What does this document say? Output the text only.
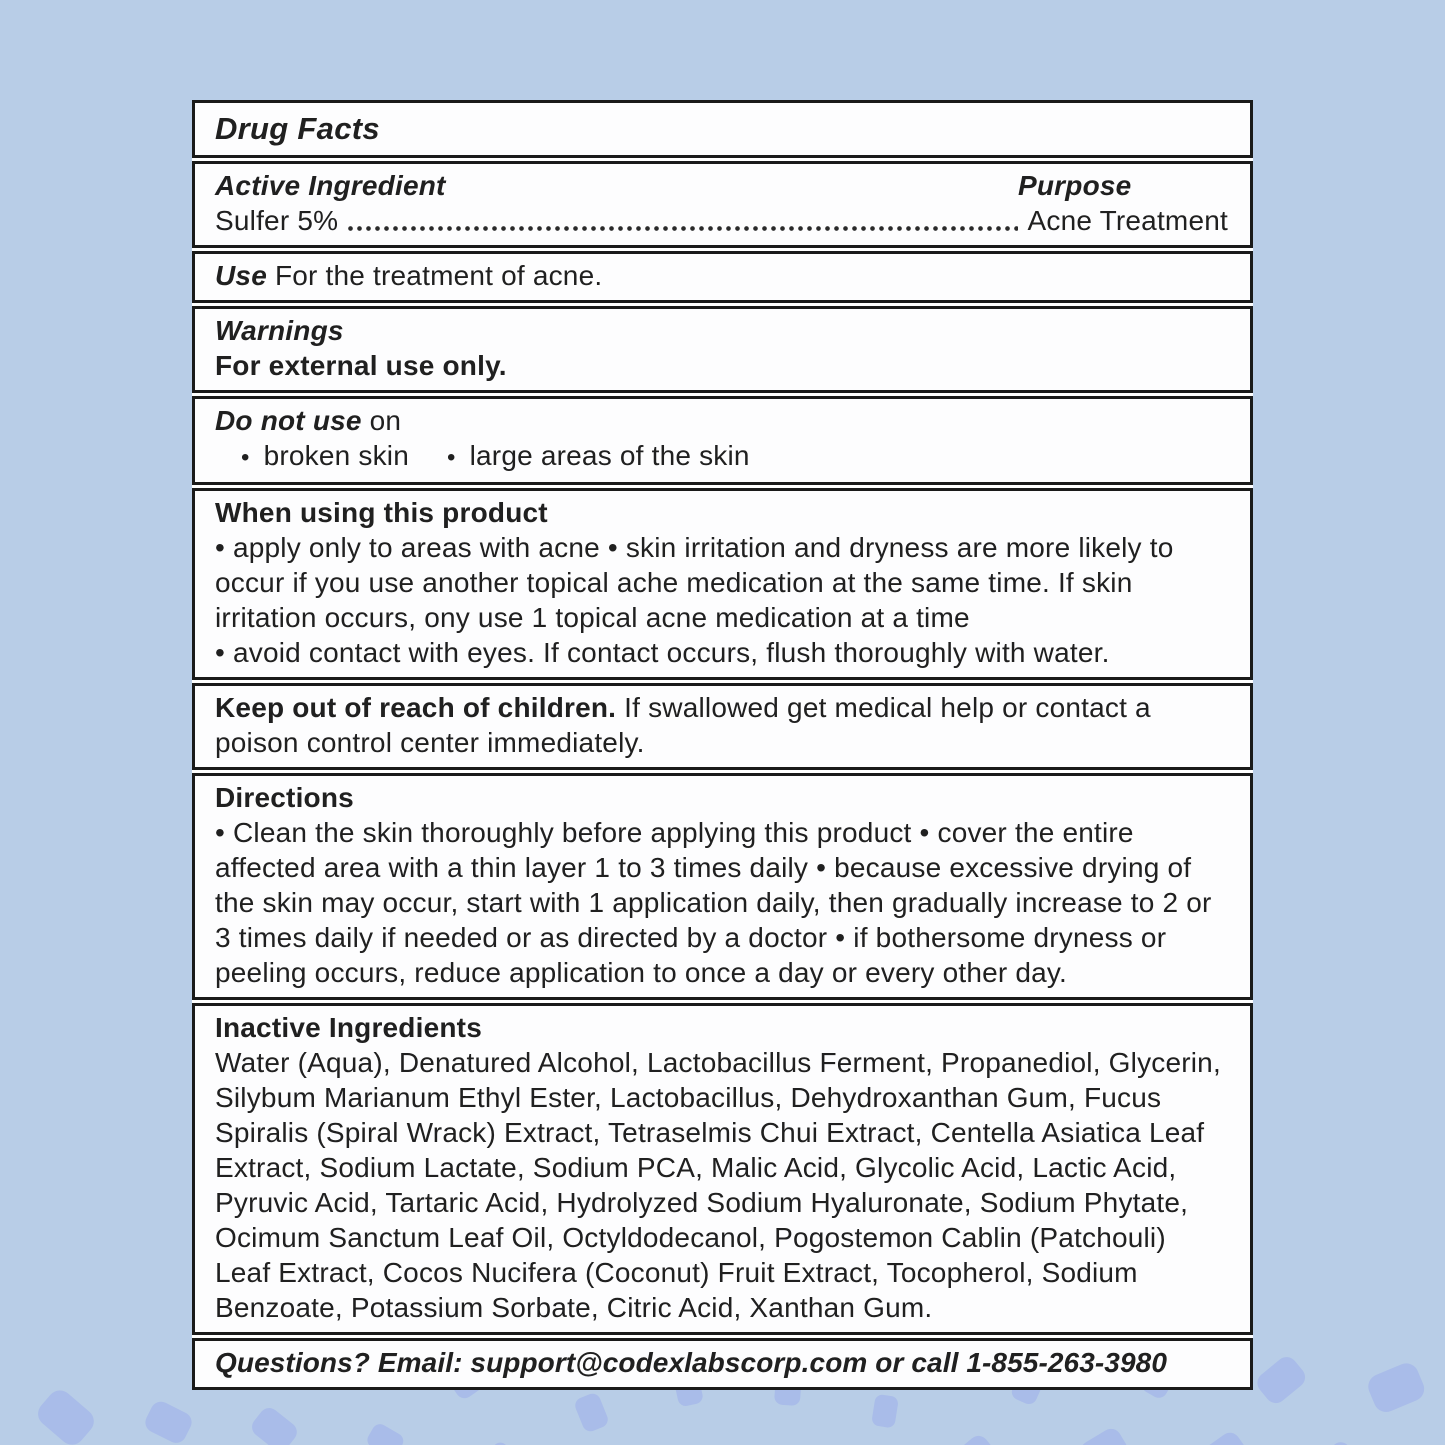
Drug Facts
Active Ingredient	Purpose
Sulfer 5%	Acne Treatment

Use For the treatment of acne.

Warnings

For external use only.

Do not use on

• broken skin • large areas of the skin

When using this product

• apply only to areas with acne • skin irritation and dryness are more likely to occur if you use another topical ache medication at the same time. If skin irritation occurs, ony use 1 topical acne medication at a time

• avoid contact with eyes. If contact occurs, flush thoroughly with water.

Keep out of reach of children. If swallowed get medical help or contact a poison control center immediately.

Directions

• Clean the skin thoroughly before applying this product • cover the entire affected area with a thin layer 1 to 3 times daily • because excessive drying of the skin may occur, start with 1 application daily, then gradually increase to 2 or 3 times daily if needed or as directed by a doctor • if bothersome dryness or peeling occurs, reduce application to once a day or every other day.

Inactive Ingredients

Water (Aqua), Denatured Alcohol, Lactobacillus Ferment, Propanediol, Glycerin, Silybum Marianum Ethyl Ester, Lactobacillus, Dehydroxanthan Gum, Fucus Spiralis (Spiral Wrack) Extract, Tetraselmis Chui Extract, Centella Asiatica Leaf Extract, Sodium Lactate, Sodium PCA, Malic Acid, Glycolic Acid, Lactic Acid, Pyruvic Acid, Tartaric Acid, Hydrolyzed Sodium Hyaluronate, Sodium Phytate, Ocimum Sanctum Leaf Oil, Octyldodecanol, Pogostemon Cablin (Patchouli) Leaf Extract, Cocos Nucifera (Coconut) Fruit Extract, Tocopherol, Sodium Benzoate, Potassium Sorbate, Citric Acid, Xanthan Gum.

Questions? Email: support@codexlabscorp.com or call 1-855-263-3980
